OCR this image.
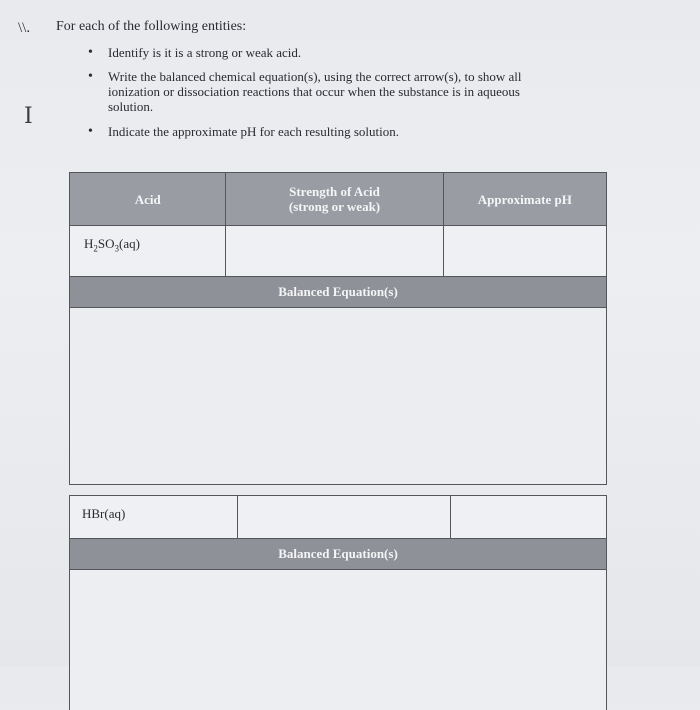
\\. For each of the following entities:
• Identify is it is a strong or weak acid.
• Write the balanced chemical equation(s), using the correct arrow(s), to show all ionization or dissociation reactions that occur when the substance is in aqueous solution.
• Indicate the approximate pH for each resulting solution.
I
Acid	Strength of Acid
(strong or weak)	Approximate pH
$H_2SO_3(aq)$
Balanced Equation(s)
HBr(aq)
Balanced Equation(s)
